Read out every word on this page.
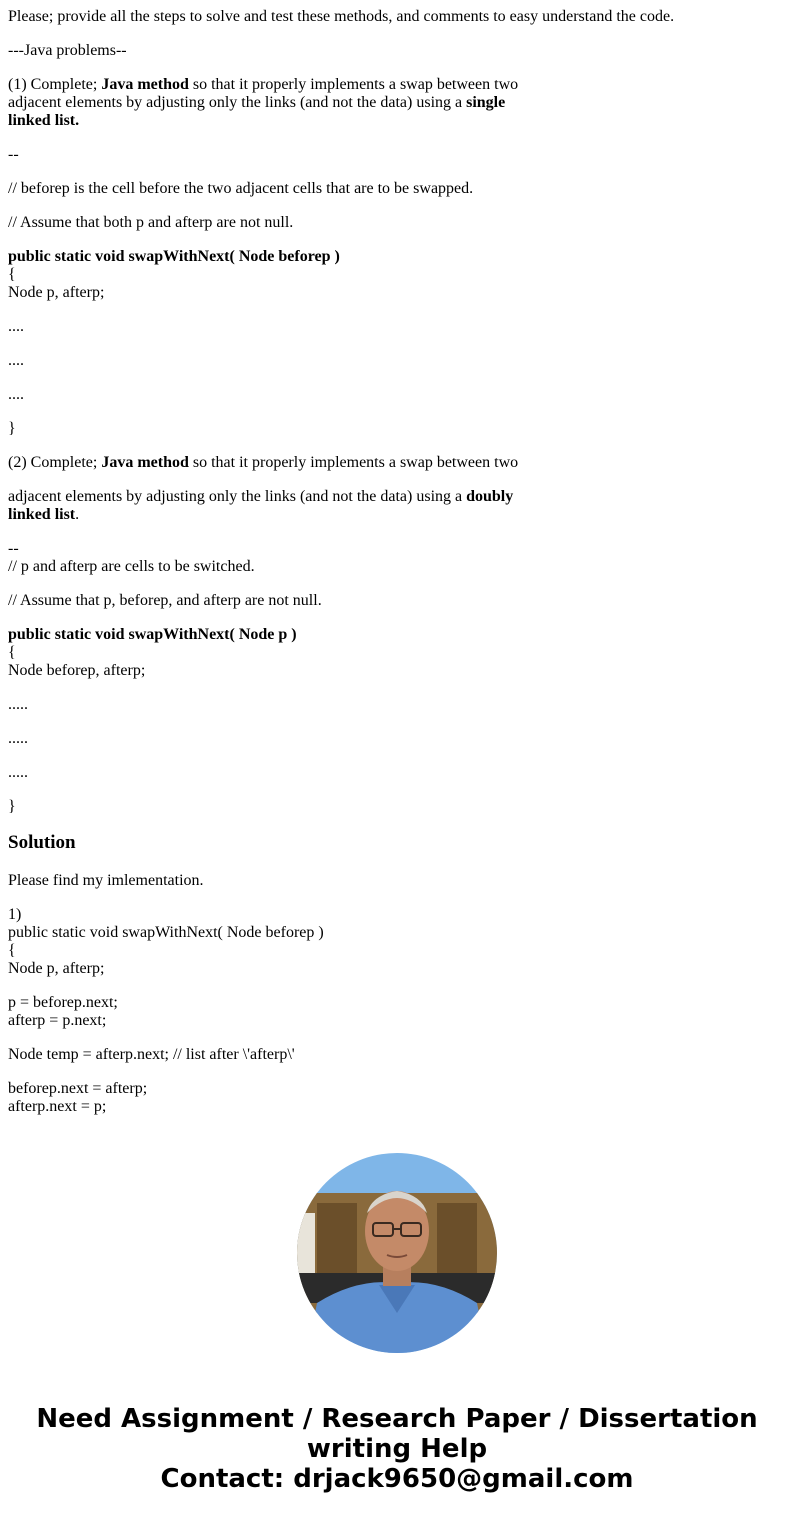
Please; provide all the steps to solve and test these methods, and comments to easy understand the code.

---Java problems--

(1) Complete; Java method so that it properly implements a swap between two
adjacent elements by adjusting only the links (and not the data) using a single
linked list.

--

// beforep is the cell before the two adjacent cells that are to be swapped.

// Assume that both p and afterp are not null.

public static void swapWithNext( Node beforep )
{
Node p, afterp;

....

....

....

}

(2) Complete; Java method so that it properly implements a swap between two

adjacent elements by adjusting only the links (and not the data) using a doubly
linked list.

--
// p and afterp are cells to be switched.

// Assume that p, beforep, and afterp are not null.

public static void swapWithNext( Node p )
{
Node beforep, afterp;

.....

.....

.....

}

Solution

Please find my imlementation.

1)
public static void swapWithNext( Node beforep )
{
Node p, afterp;

p = beforep.next;
afterp = p.next;

Node temp = afterp.next; // list after \'afterp\'

beforep.next = afterp;
afterp.next = p;

Need Assignment / Research Paper / Dissertation
writing Help
Contact: drjack9650@gmail.com
